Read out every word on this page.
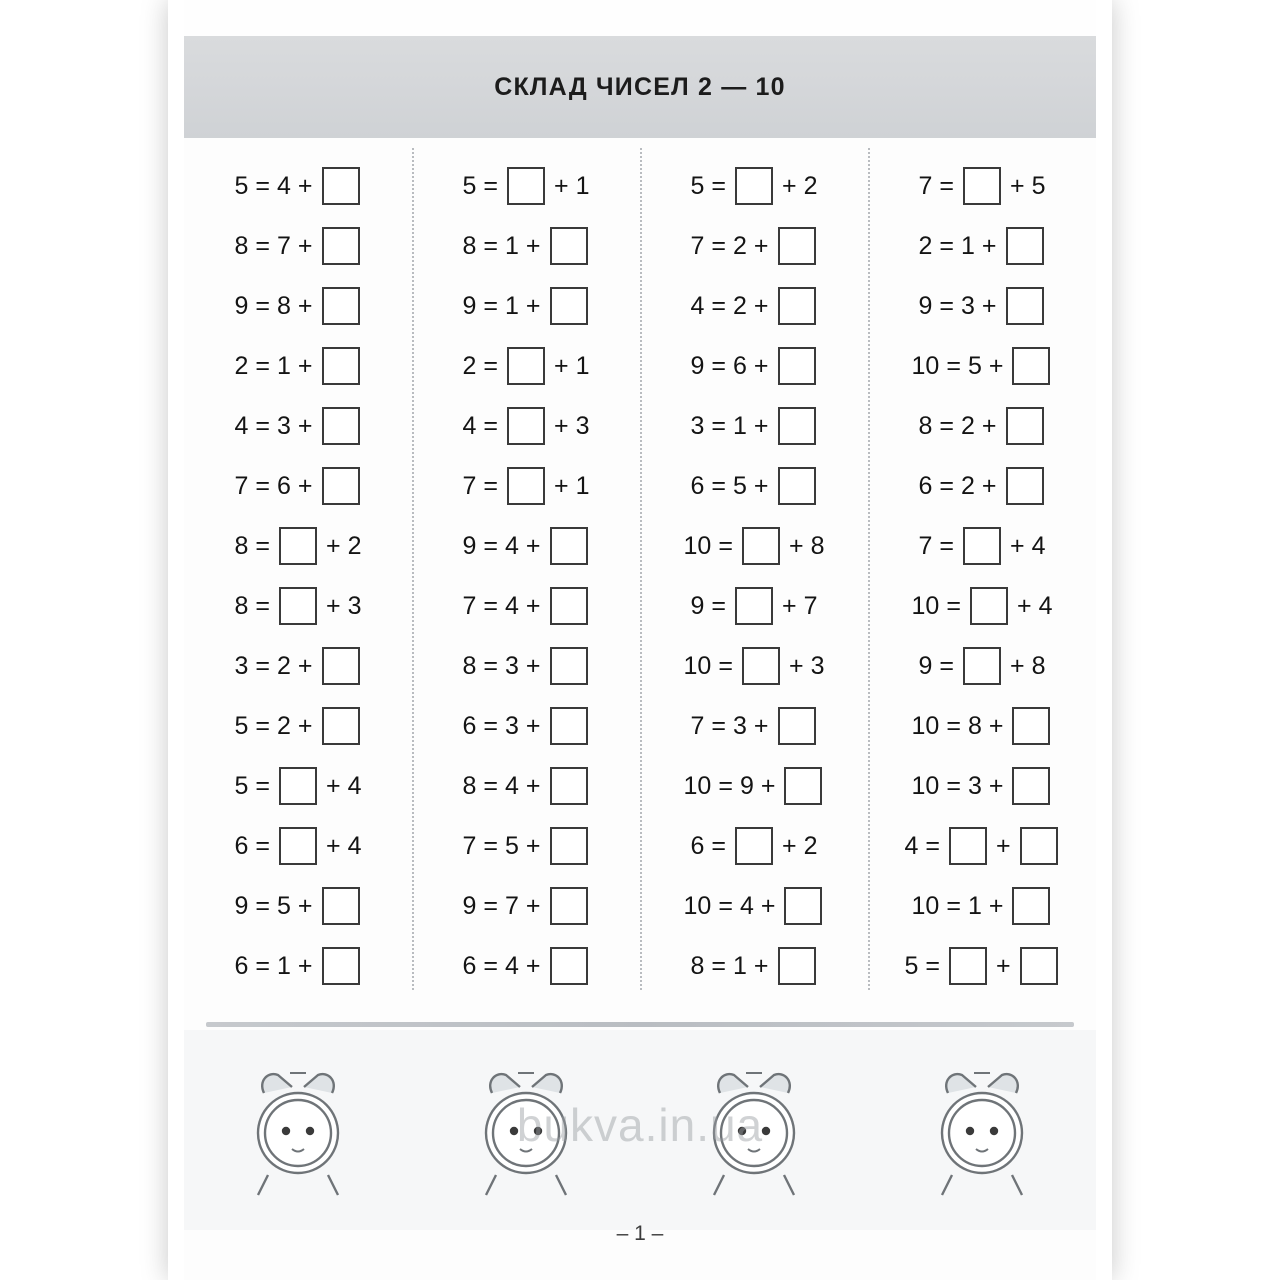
СКЛАД ЧИСЕЛ 2 — 10
5 = 4 +
8 = 7 +
9 = 8 +
2 = 1 +
4 = 3 +
7 = 6 +
8 = + 2
8 = + 3
3 = 2 +
5 = 2 +
5 = + 4
6 = + 4
9 = 5 +
6 = 1 +
5 = + 1
8 = 1 +
9 = 1 +
2 = + 1
4 = + 3
7 = + 1
9 = 4 +
7 = 4 +
8 = 3 +
6 = 3 +
8 = 4 +
7 = 5 +
9 = 7 +
6 = 4 +
5 = + 2
7 = 2 +
4 = 2 +
9 = 6 +
3 = 1 +
6 = 5 +
10 = + 8
9 = + 7
10 = + 3
7 = 3 +
10 = 9 +
6 = + 2
10 = 4 +
8 = 1 +
7 = + 5
2 = 1 +
9 = 3 +
10 = 5 +
8 = 2 +
6 = 2 +
7 = + 4
10 = + 4
9 = + 8
10 = 8 +
10 = 3 +
4 = +
10 = 1 +
5 = +
bukva.in.ua
– 1 –
